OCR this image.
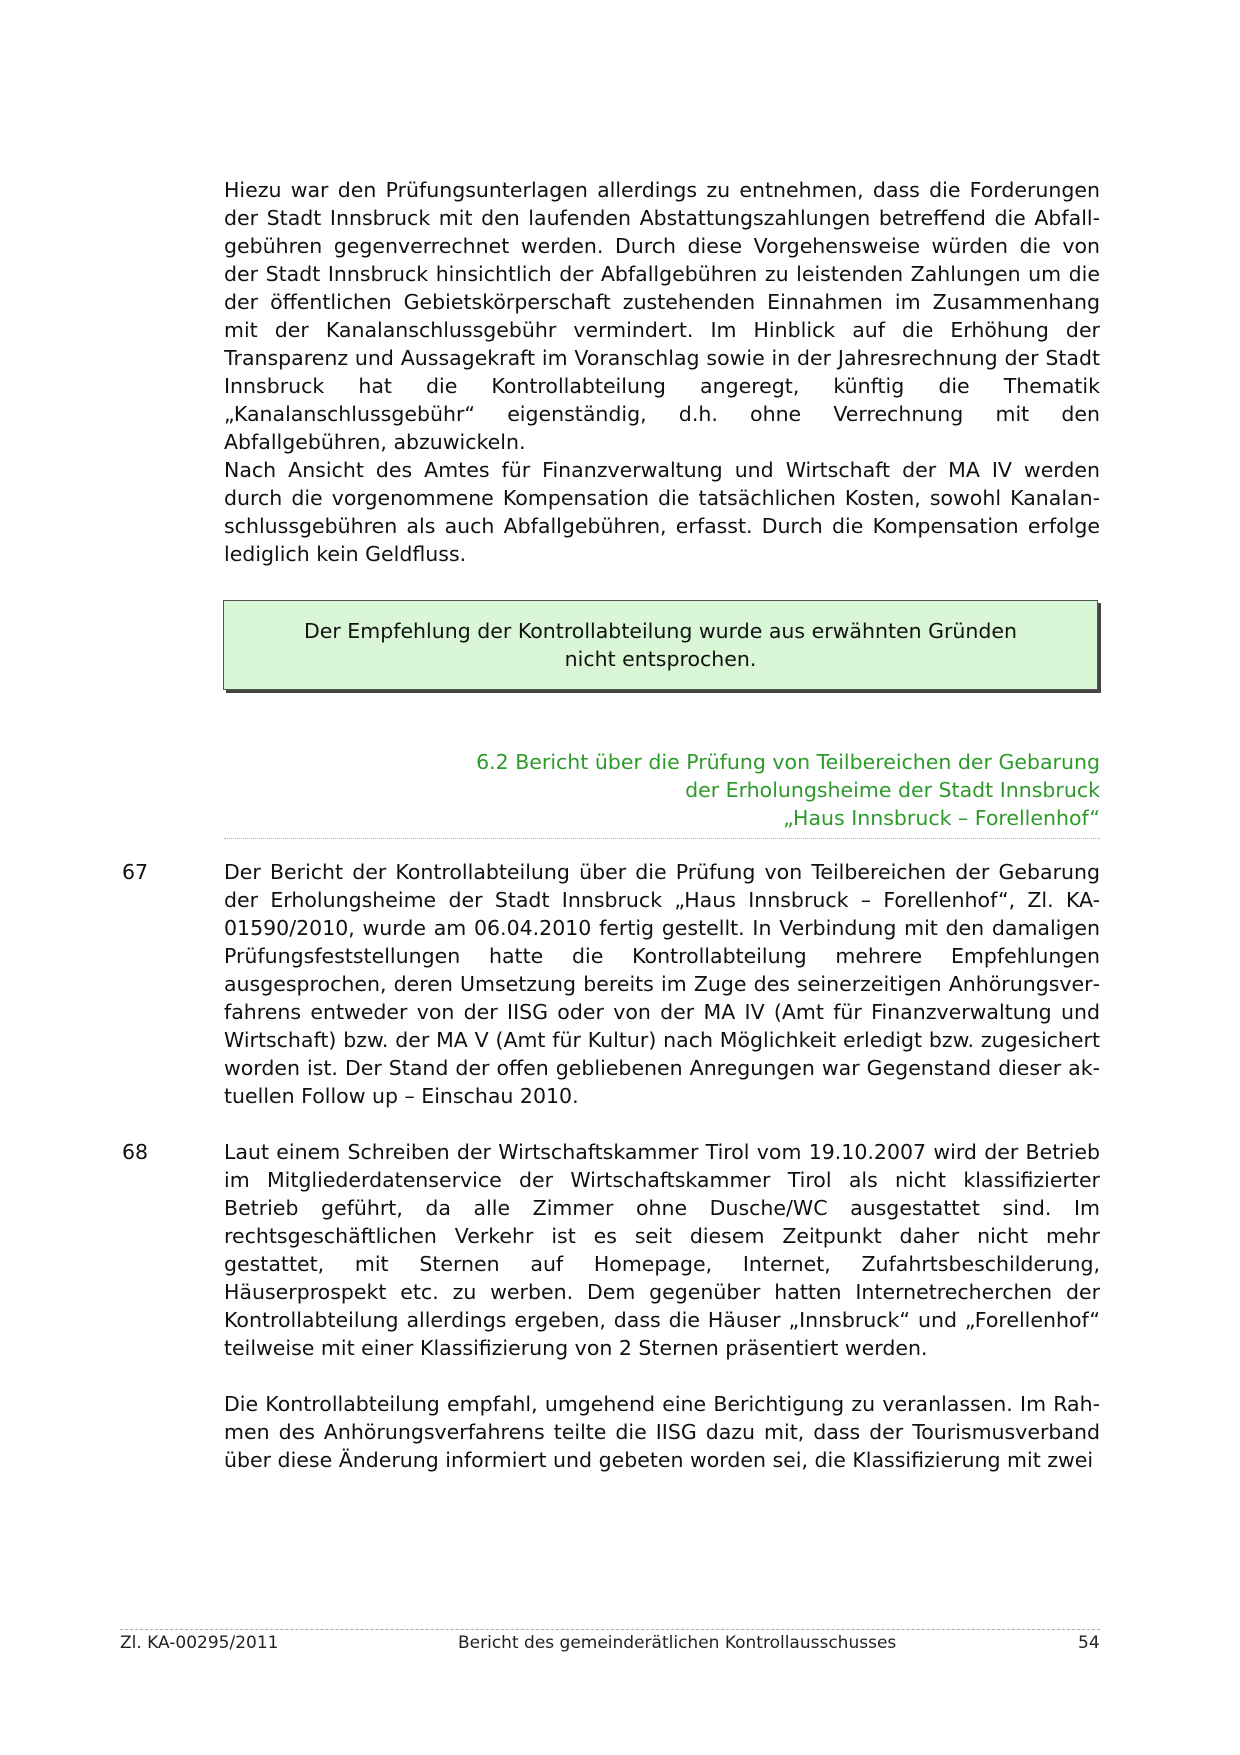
Hiezu war den Prüfungsunterlagen allerdings zu entnehmen, dass die Forderungen der Stadt Innsbruck mit den laufenden Abstattungszahlungen betreffend die Abfallgebühren gegenverrechnet werden. Durch diese Vorgehensweise würden die von der Stadt Innsbruck hinsichtlich der Abfallgebühren zu leistenden Zahlungen um die der öffentlichen Gebietskörperschaft zustehenden Einnahmen im Zusammenhang mit der Kanalanschlussgebühr vermindert. Im Hinblick auf die Erhöhung der Transparenz und Aussagekraft im Voranschlag sowie in der Jahresrechnung der Stadt Innsbruck hat die Kontrollabteilung angeregt, künftig die Thematik „Kanalanschlussgebühr“ eigenständig, d.h. ohne Verrechnung mit den Abfallgebühren, abzuwickeln.

Nach Ansicht des Amtes für Finanzverwaltung und Wirtschaft der MA IV werden durch die vorgenommene Kompensation die tatsächlichen Kosten, sowohl Kanalanschlussgebühren als auch Abfallgebühren, erfasst. Durch die Kompensation erfolge lediglich kein Geldfluss.

Der Empfehlung der Kontrollabteilung wurde aus erwähnten Gründen nicht entsprochen.

6.2 Bericht über die Prüfung von Teilbereichen der Gebarung
der Erholungsheime der Stadt Innsbruck
„Haus Innsbruck – Forellenhof“
67	Der Bericht der Kontrollabteilung über die Prüfung von Teilbereichen der Gebarung der Erholungsheime der Stadt Innsbruck „Haus Innsbruck – Forellenhof“, Zl. KA-01590/2010, wurde am 06.04.2010 fertig gestellt. In Verbindung mit den damaligen Prüfungsfeststellungen hatte die Kontrollabteilung mehrere Empfehlungen ausgesprochen, deren Umsetzung bereits im Zuge des seinerzeitigen Anhörungsverfahrens entweder von der IISG oder von der MA IV (Amt für Finanzverwaltung und Wirtschaft) bzw. der MA V (Amt für Kultur) nach Möglichkeit erledigt bzw. zugesichert worden ist. Der Stand der offen gebliebenen Anregungen war Gegenstand dieser aktuellen Follow up – Einschau 2010.

68	Laut einem Schreiben der Wirtschaftskammer Tirol vom 19.10.2007 wird der Betrieb im Mitgliederdatenservice der Wirtschaftskammer Tirol als nicht klassifizierter Betrieb geführt, da alle Zimmer ohne Dusche/WC ausgestattet sind. Im rechtsgeschäftlichen Verkehr ist es seit diesem Zeitpunkt daher nicht mehr gestattet, mit Sternen auf Homepage, Internet, Zufahrtsbeschilderung, Häuserprospekt etc. zu werben. Dem gegenüber hatten Internetrecherchen der Kontrollabteilung allerdings ergeben, dass die Häuser „Innsbruck“ und „Forellenhof“ teilweise mit einer Klassifizierung von 2 Sternen präsentiert werden.

Die Kontrollabteilung empfahl, umgehend eine Berichtigung zu veranlassen. Im Rahmen des Anhörungsverfahrens teilte die IISG dazu mit, dass der Tourismusverband über diese Änderung informiert und gebeten worden sei, die Klassifizierung mit zwei

Zl. KA-00295/2011	Bericht des gemeinderätlichen Kontrollausschusses	54
